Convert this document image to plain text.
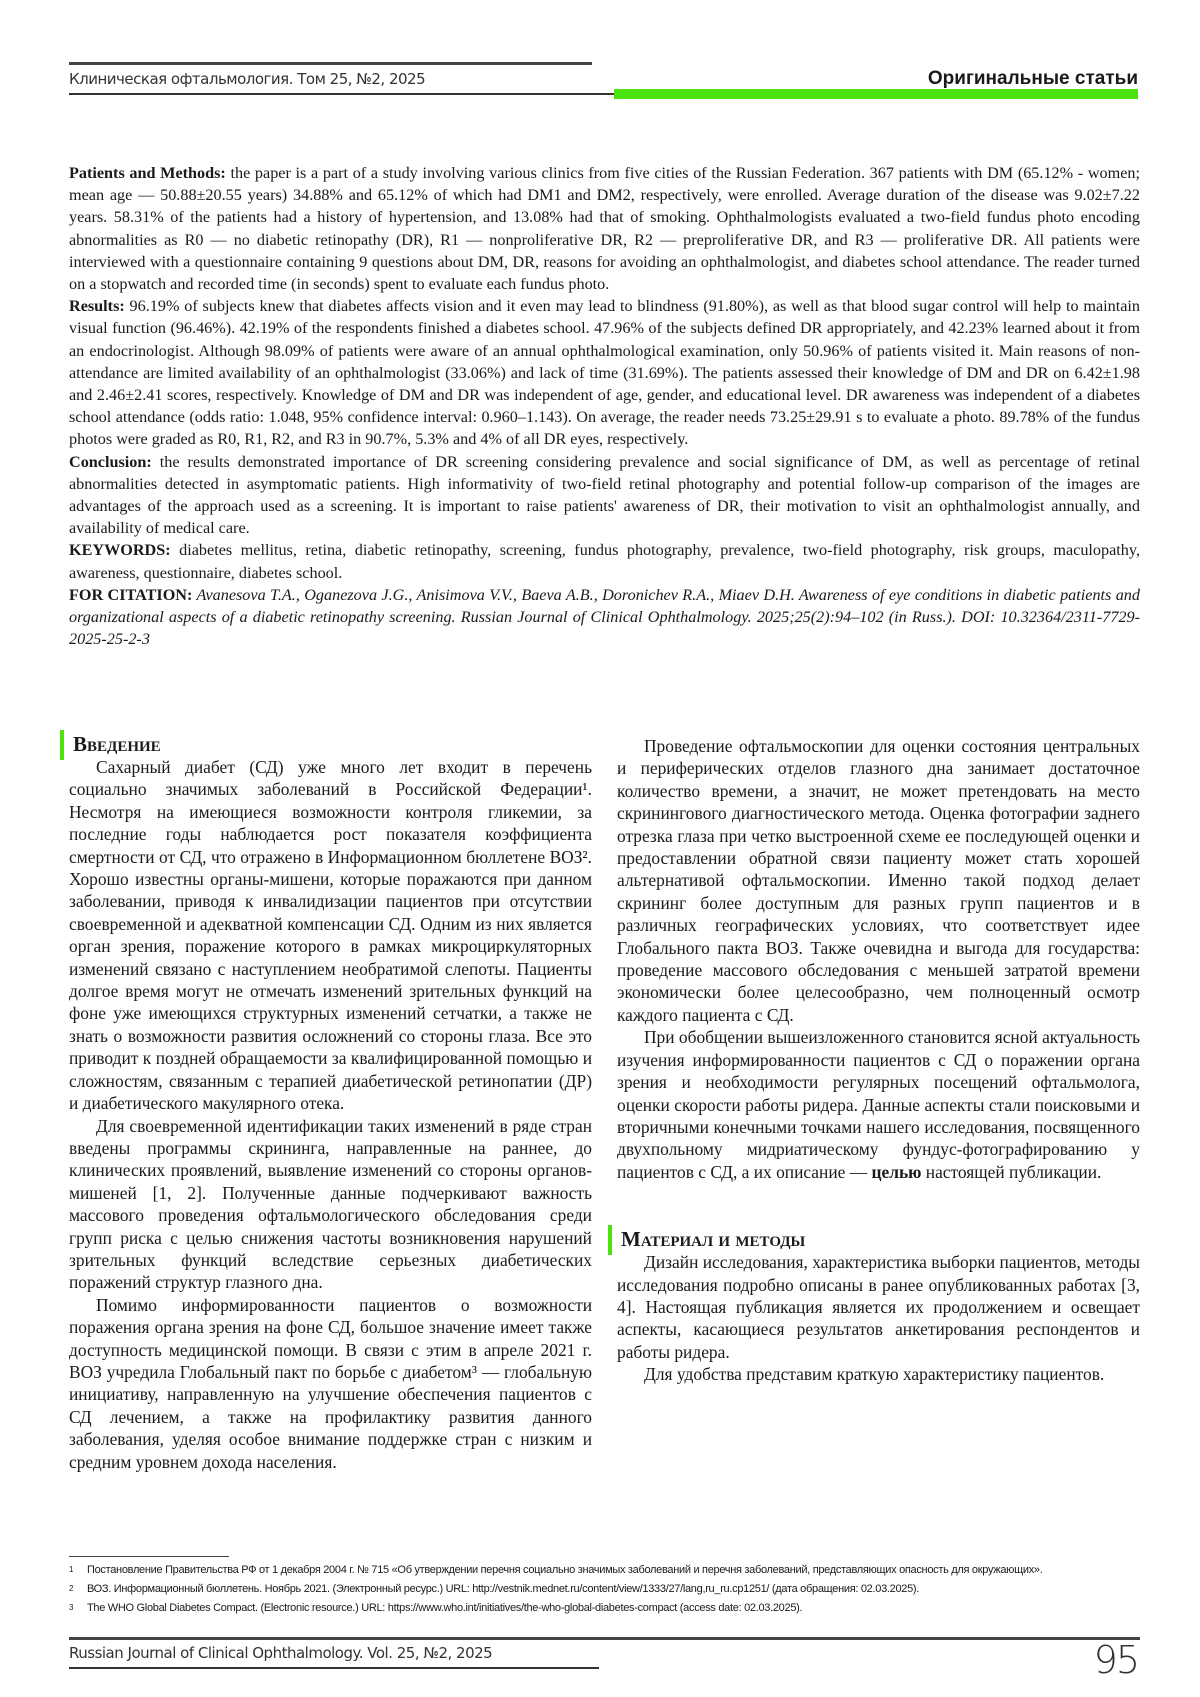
Клиническая офтальмология. Том 25, №2, 2025	Оригинальные статьи

Patients and Methods: the paper is a part of a study involving various clinics from five cities of the Russian Federation. 367 patients with DM (65.12% - women; mean age — 50.88±20.55 years) 34.88% and 65.12% of which had DM1 and DM2, respectively, were enrolled. Average duration of the disease was 9.02±7.22 years. 58.31% of the patients had a history of hypertension, and 13.08% had that of smoking. Ophthalmologists evaluated a two-field fundus photo encoding abnormalities as R0 — no diabetic retinopathy (DR), R1 — nonproliferative DR, R2 — preproliferative DR, and R3 — proliferative DR. All patients were interviewed with a questionnaire containing 9 questions about DM, DR, reasons for avoiding an ophthalmologist, and diabetes school attendance. The reader turned on a stopwatch and recorded time (in seconds) spent to evaluate each fundus photo.

Results: 96.19% of subjects knew that diabetes affects vision and it even may lead to blindness (91.80%), as well as that blood sugar control will help to maintain visual function (96.46%). 42.19% of the respondents finished a diabetes school. 47.96% of the subjects defined DR appropriately, and 42.23% learned about it from an endocrinologist. Although 98.09% of patients were aware of an annual ophthalmological examination, only 50.96% of patients visited it. Main reasons of non-attendance are limited availability of an ophthalmologist (33.06%) and lack of time (31.69%). The patients assessed their knowledge of DM and DR on 6.42±1.98 and 2.46±2.41 scores, respectively. Knowledge of DM and DR was independent of age, gender, and educational level. DR awareness was independent of a diabetes school attendance (odds ratio: 1.048, 95% confidence interval: 0.960–1.143). On average, the reader needs 73.25±29.91 s to evaluate a photo. 89.78% of the fundus photos were graded as R0, R1, R2, and R3 in 90.7%, 5.3% and 4% of all DR eyes, respectively.

Conclusion: the results demonstrated importance of DR screening considering prevalence and social significance of DM, as well as percentage of retinal abnormalities detected in asymptomatic patients. High informativity of two-field retinal photography and potential follow-up comparison of the images are advantages of the approach used as a screening. It is important to raise patients' awareness of DR, their motivation to visit an ophthalmologist annually, and availability of medical care.

KEYWORDS: diabetes mellitus, retina, diabetic retinopathy, screening, fundus photography, prevalence, two-field photography, risk groups, maculopathy, awareness, questionnaire, diabetes school.

FOR CITATION: Avanesova T.A., Oganezova J.G., Anisimova V.V., Baeva A.B., Doronichev R.A., Miaev D.H. Awareness of eye conditions in diabetic patients and organizational aspects of a diabetic retinopathy screening. Russian Journal of Clinical Ophthalmology. 2025;25(2):94–102 (in Russ.). DOI: 10.32364/2311-7729-2025-25-2-3

Введение

Сахарный диабет (СД) уже много лет входит в перечень социально значимых заболеваний в Российской Федерации¹. Несмотря на имеющиеся возможности контроля гликемии, за последние годы наблюдается рост показателя коэффициента смертности от СД, что отражено в Информационном бюллетене ВОЗ². Хорошо известны органы-мишени, которые поражаются при данном заболевании, приводя к инвалидизации пациентов при отсутствии своевременной и адекватной компенсации СД. Одним из них является орган зрения, поражение которого в рамках микроциркуляторных изменений связано с наступлением необратимой слепоты. Пациенты долгое время могут не отмечать изменений зрительных функций на фоне уже имеющихся структурных изменений сетчатки, а также не знать о возможности развития осложнений со стороны глаза. Все это приводит к поздней обращаемости за квалифицированной помощью и сложностям, связанным с терапией диабетической ретинопатии (ДР) и диабетического макулярного отека.

Для своевременной идентификации таких изменений в ряде стран введены программы скрининга, направленные на раннее, до клинических проявлений, выявление изменений со стороны органов-мишеней [1, 2]. Полученные данные подчеркивают важность массового проведения офтальмологического обследования среди групп риска с целью снижения частоты возникновения нарушений зрительных функций вследствие серьезных диабетических поражений структур глазного дна.

Помимо информированности пациентов о возможности поражения органа зрения на фоне СД, большое значение имеет также доступность медицинской помощи. В связи с этим в апреле 2021 г. ВОЗ учредила Глобальный пакт по борьбе с диабетом³ — глобальную инициативу, направленную на улучшение обеспечения пациентов с СД лечением, а также на профилактику развития данного заболевания, уделяя особое внимание поддержке стран с низким и средним уровнем дохода населения.

Проведение офтальмоскопии для оценки состояния центральных и периферических отделов глазного дна занимает достаточное количество времени, а значит, не может претендовать на место скринингового диагностического метода. Оценка фотографии заднего отрезка глаза при четко выстроенной схеме ее последующей оценки и предоставлении обратной связи пациенту может стать хорошей альтернативой офтальмоскопии. Именно такой подход делает скрининг более доступным для разных групп пациентов и в различных географических условиях, что соответствует идее Глобального пакта ВОЗ. Также очевидна и выгода для государства: проведение массового обследования с меньшей затратой времени экономически более целесообразно, чем полноценный осмотр каждого пациента с СД.

При обобщении вышеизложенного становится ясной актуальность изучения информированности пациентов с СД о поражении органа зрения и необходимости регулярных посещений офтальмолога, оценки скорости работы ридера. Данные аспекты стали поисковыми и вторичными конечными точками нашего исследования, посвященного двухпольному мидриатическому фундус-фотографированию у пациентов с СД, а их описание — целью настоящей публикации.

Материал и методы

Дизайн исследования, характеристика выборки пациентов, методы исследования подробно описаны в ранее опубликованных работах [3, 4]. Настоящая публикация является их продолжением и освещает аспекты, касающиеся результатов анкетирования респондентов и работы ридера.

Для удобства представим краткую характеристику пациентов.

1 Постановление Правительства РФ от 1 декабря 2004 г. № 715 «Об утверждении перечня социально значимых заболеваний и перечня заболеваний, представляющих опасность для окружающих».
2 ВОЗ. Информационный бюллетень. Ноябрь 2021. (Электронный ресурс.) URL: http://vestnik.mednet.ru/content/view/1333/27/lang,ru_ru.cp1251/ (дата обращения: 02.03.2025).
3 The WHO Global Diabetes Compact. (Electronic resource.) URL: https://www.who.int/initiatives/the-who-global-diabetes-compact (access date: 02.03.2025).
Russian Journal of Clinical Ophthalmology. Vol. 25, №2, 2025	95
